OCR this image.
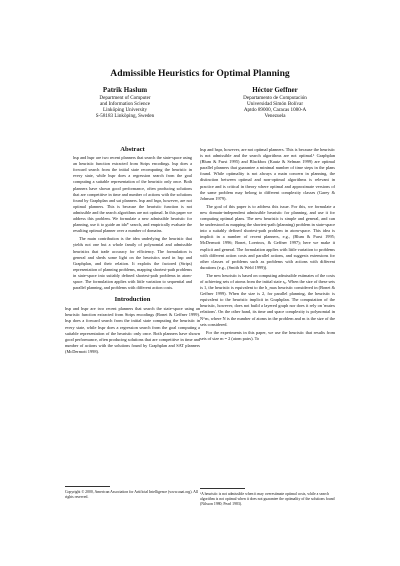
Admissible Heuristics for Optimal Planning
Patrik Haslum
Department of Computer
and Information Science
Linköping University
S-58183 Linköping, Sweden
Héctor Geffner
Departamento de Computación
Universidad Simón Bolívar
Aptdo 89000, Caracas 1080-A
Venezuela
Abstract

hsp and hspr are two recent planners that search the state-space using an heuristic function extracted from Strips encodings. hsp does a forward search from the initial state recomputing the heuristic in every state, while hspr does a regression search from the goal computing a suitable representation of the heuristic only once. Both planners have shown good performance, often producing solutions that are competitive in time and number of actions with the solutions found by Graphplan and sat planners. hsp and hspr, however, are not optimal planners. This is because the heuristic function is not admissible and the search algorithms are not optimal. In this paper we address this problem. We formulate a new admissible heuristic for planning, use it to guide an ida* search, and empirically evaluate the resulting optimal planner over a number of domains.

The main contribution is the idea underlying the heuristic that yields not one but a whole family of polynomial and admissible heuristics that trade accuracy for efficiency. The formulation is general and sheds some light on the heuristics used in hsp and Graphplan, and their relation. It exploits the factored (Strips) representation of planning problems, mapping shortest-path problems in state-space into suitably defined shortest-path problems in atom-space. The formulation applies with little variation to sequential and parallel planning, and problems with different action costs.

Introduction

hsp and hspr are two recent planners that search the state-space using an heuristic function extracted from Strips encodings (Bonet & Geffner 1999). hsp does a forward search from the initial state computing the heuristic in every state, while hspr does a regression search from the goal computing a suitable representation of the heuristic only once. Both planners have shown good performance, often producing solutions that are competitive in time and number of actions with the solutions found by Graphplan and SAT planners (McDermott 1998).

Copyright © 2000, American Association for Artificial Intelligence (www.aaai.org). All rights reserved.

hsp and hspr, however, are not optimal planners. This is because the heuristic is not admissible and the search algorithms are not optimal.¹ Graphplan (Blum & Furst 1995) and Blackbox (Kautz & Selman 1999) are optimal parallel planners that guarantee a minimal number of time steps in the plans found. While optimality is not always a main concern in planning, the distinction between optimal and non-optimal algorithms is relevant in practice and is critical in theory where optimal and approximate versions of the same problem may belong to different complexity classes (Garey & Johnson 1979).

The goal of this paper is to address this issue. For this, we formulate a new domain-independent admissible heuristic for planning, and use it for computing optimal plans. The new heuristic is simple and general, and can be understood as mapping the shortest-path (planning) problem in state-space into a suitably defined shortest-path problem in atom-space. This idea is implicit in a number of recent planners, e.g., (Blum & Furst 1995; McDermott 1996; Bonet, Loerincs, & Geffner 1997); here we make it explicit and general. The formulation applies with little variation to problems with different action costs and parallel actions, and suggests extensions for other classes of problems such as problems with actions with different durations (e.g., (Smith & Weld 1999)).

The new heuristic is based on computing admissible estimates of the costs of achieving sets of atoms from the initial state s₀. When the size of these sets is 1, the heuristic is equivalent to the h_max heuristic considered in (Bonet & Geffner 1999). When the size is 2, for parallel planning, the heuristic is equivalent to the heuristic implicit in Graphplan. The computation of the heuristic, however, does not build a layered graph nor does it rely on 'mutex relations'. On the other hand, its time and space complexity is polynomial in N^m, where N is the number of atoms in the problem and m is the size of the sets considered.

For the experiments in this paper, we use the heuristic that results from sets of size m = 2 (atom pairs). To

¹A heuristic is not admissible when it may overestimate optimal costs, while a search algorithm is not optimal when it does not guarantee the optimality of the solutions found (Nilsson 1980; Pearl 1983).
